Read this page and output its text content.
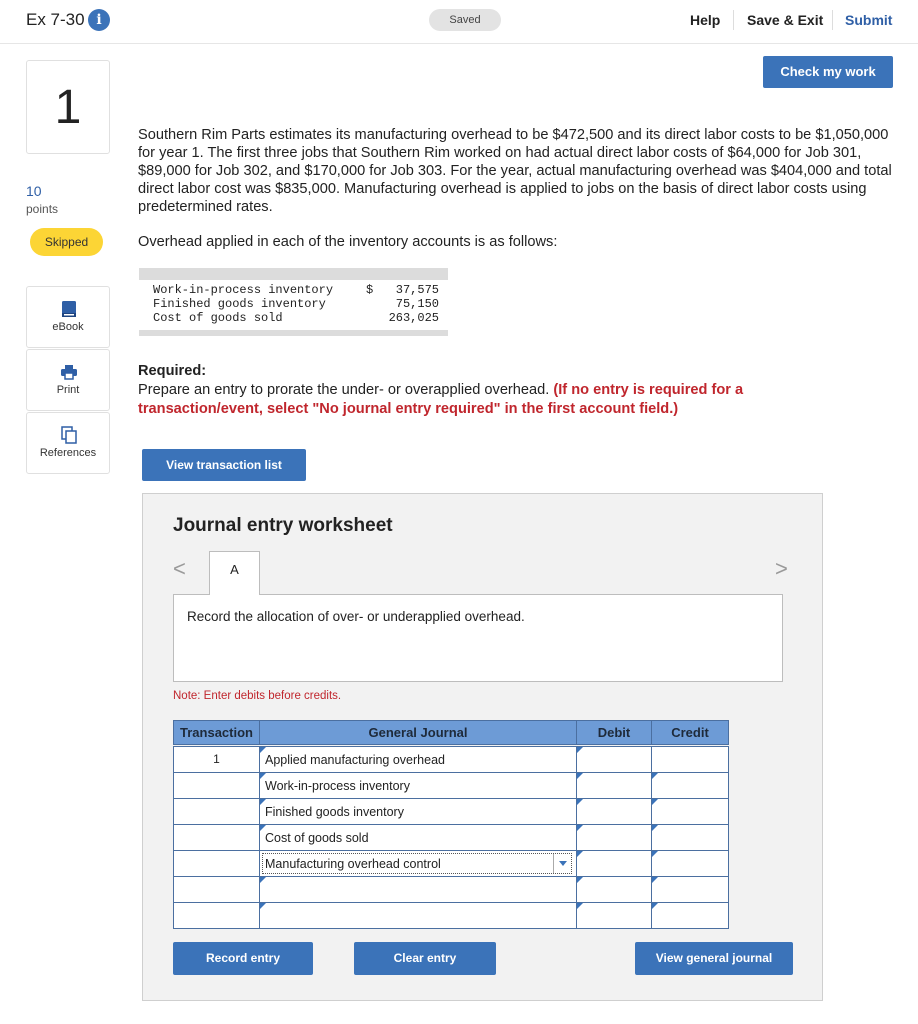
Ex 7-30 i	Saved	Help Save & Exit Submit
1
10
points
Skipped
eBook
Print
References
Check my work
Southern Rim Parts estimates its manufacturing overhead to be $472,500 and its direct labor costs to be $1,050,000 for year 1. The first three jobs that Southern Rim worked on had actual direct labor costs of $64,000 for Job 301, $89,000 for Job 302, and $170,000 for Job 303. For the year, actual manufacturing overhead was $404,000 and total direct labor cost was $835,000. Manufacturing overhead is applied to jobs on the basis of direct labor costs using predetermined rates.
Overhead applied in each of the inventory accounts is as follows:
Work-in-process inventory	$ 37,575
Finished goods inventory	75,150
Cost of goods sold	263,025
Required:
Prepare an entry to prorate the under- or overapplied overhead. (If no entry is required for a transaction/event, select "No journal entry required" in the first account field.)
View transaction list
Journal entry worksheet
<	A	>
Record the allocation of over- or underapplied overhead.
Note: Enter debits before credits.
Transaction	General Journal	Debit	Credit
1	Applied manufacturing overhead
Work-in-process inventory
Finished goods inventory
Cost of goods sold
Manufacturing overhead control
Record entry	Clear entry	View general journal
